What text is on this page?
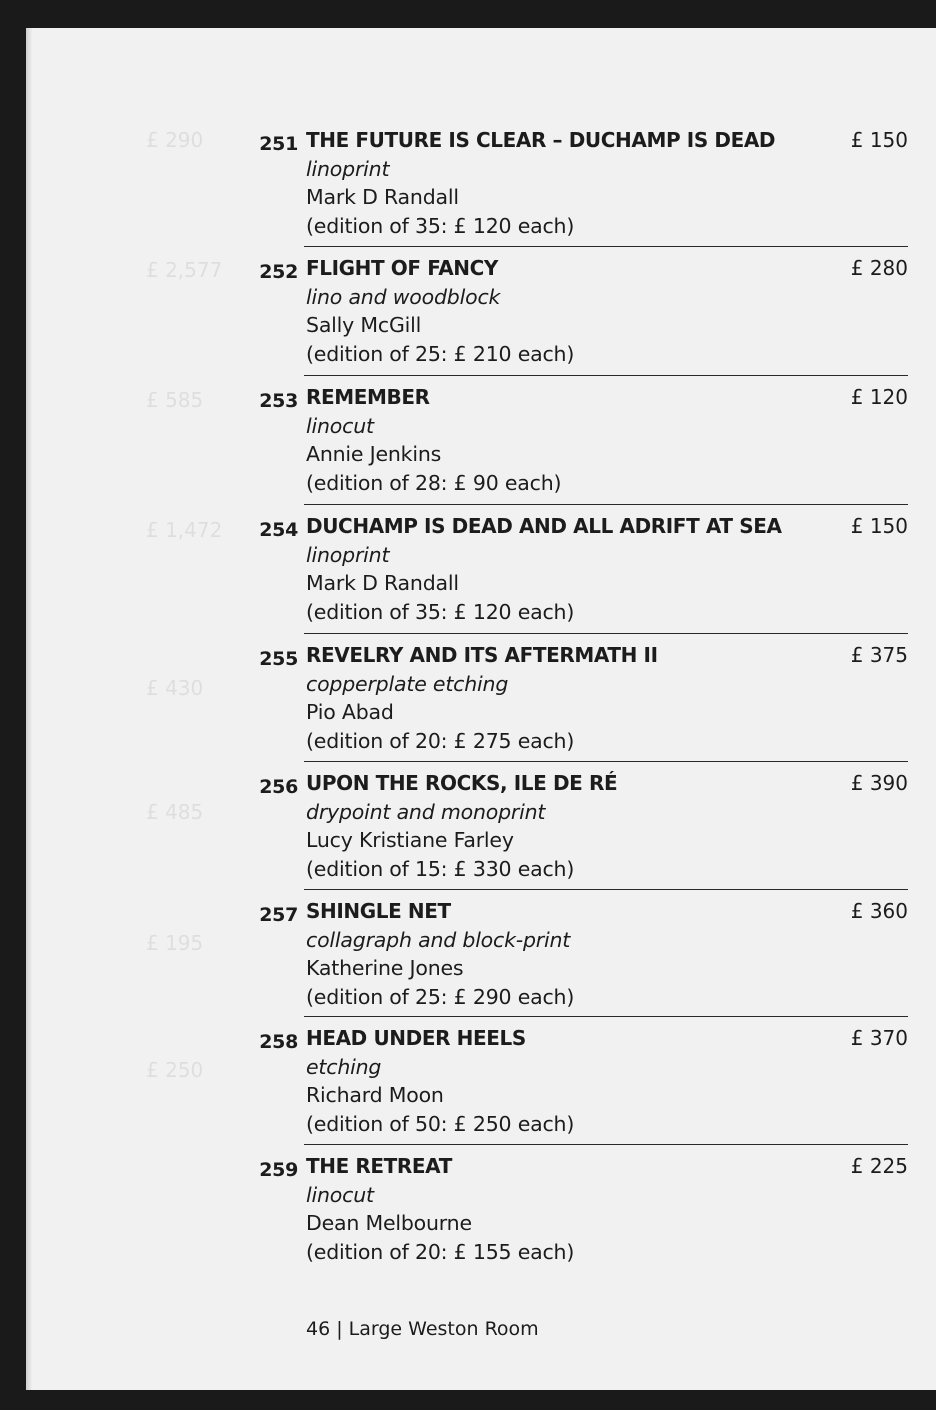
£ 290
£ 2,577
£ 585
£ 1,472
£ 430
£ 485
£ 195
£ 250
251 THE FUTURE IS CLEAR – DUCHAMP IS DEAD
linoprint
Mark D Randall
(edition of 35: £ 120 each)
£ 150
252 FLIGHT OF FANCY
lino and woodblock
Sally McGill
(edition of 25: £ 210 each)
£ 280
253 REMEMBER
linocut
Annie Jenkins
(edition of 28: £ 90 each)
£ 120
254 DUCHAMP IS DEAD AND ALL ADRIFT AT SEA
linoprint
Mark D Randall
(edition of 35: £ 120 each)
£ 150
255 REVELRY AND ITS AFTERMATH II
copperplate etching
Pio Abad
(edition of 20: £ 275 each)
£ 375
256 UPON THE ROCKS, ILE DE RÉ
drypoint and monoprint
Lucy Kristiane Farley
(edition of 15: £ 330 each)
£ 390
257 SHINGLE NET
collagraph and block-print
Katherine Jones
(edition of 25: £ 290 each)
£ 360
258 HEAD UNDER HEELS
etching
Richard Moon
(edition of 50: £ 250 each)
£ 370
259 THE RETREAT
linocut
Dean Melbourne
(edition of 20: £ 155 each)
£ 225
46 | Large Weston Room
